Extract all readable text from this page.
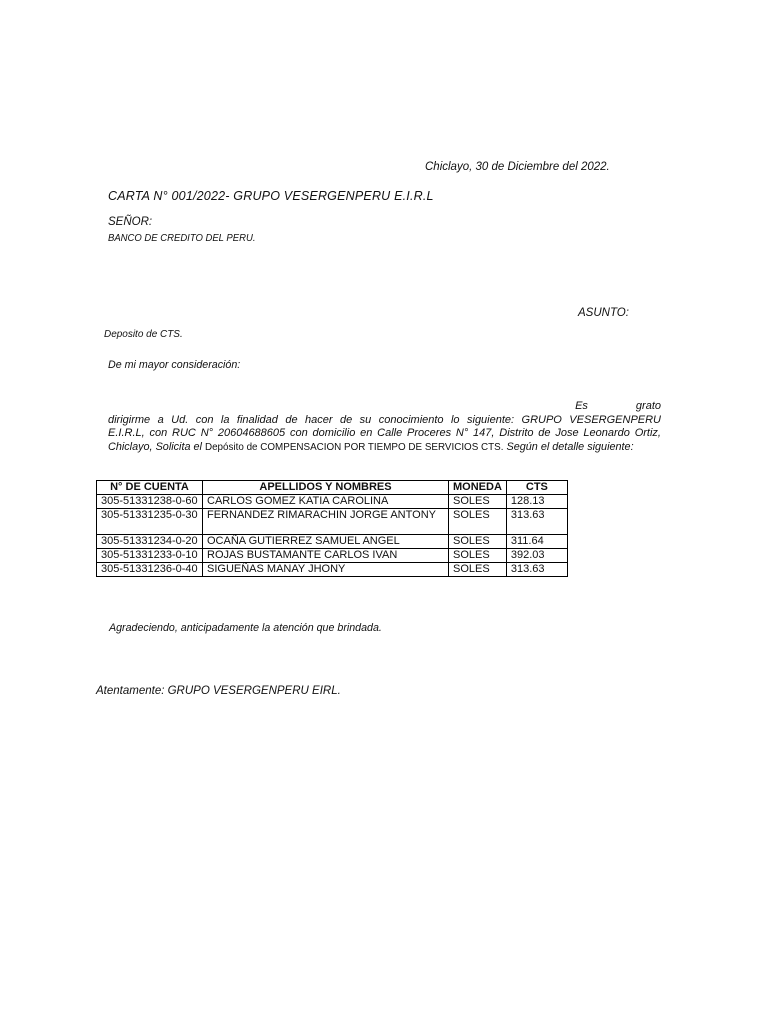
Chiclayo, 30 de Diciembre del 2022.
CARTA N° 001/2022- GRUPO VESERGENPERU E.I.R.L
SEÑOR:
BANCO DE CREDITO DEL PERU.
ASUNTO:
Deposito de CTS.
De mi mayor consideración:
Es	grato
dirigirme a Ud. con la finalidad de hacer de su conocimiento lo siguiente: GRUPO VESERGENPERU
E.I.R.L, con RUC N° 20604688605 con domicilio en Calle Proceres N° 147, Distrito de Jose Leonardo Ortiz,
Chiclayo, Solicita el Depósito de COMPENSACION POR TIEMPO DE SERVICIOS CTS. Según el detalle siguiente:
N° DE CUENTA	APELLIDOS Y NOMBRES	MONEDA	CTS
305-51331238-0-60	CARLOS GOMEZ KATIA CAROLINA	SOLES	128.13
305-51331235-0-30	FERNANDEZ RIMARACHIN JORGE ANTONY	SOLES	313.63
305-51331234-0-20	OCAÑA GUTIERREZ SAMUEL ANGEL	SOLES	311.64
305-51331233-0-10	ROJAS BUSTAMANTE CARLOS IVAN	SOLES	392.03
305-51331236-0-40	SIGUEÑAS MANAY JHONY	SOLES	313.63
Agradeciendo, anticipadamente la atención que brindada.
Atentamente: GRUPO VESERGENPERU EIRL.
